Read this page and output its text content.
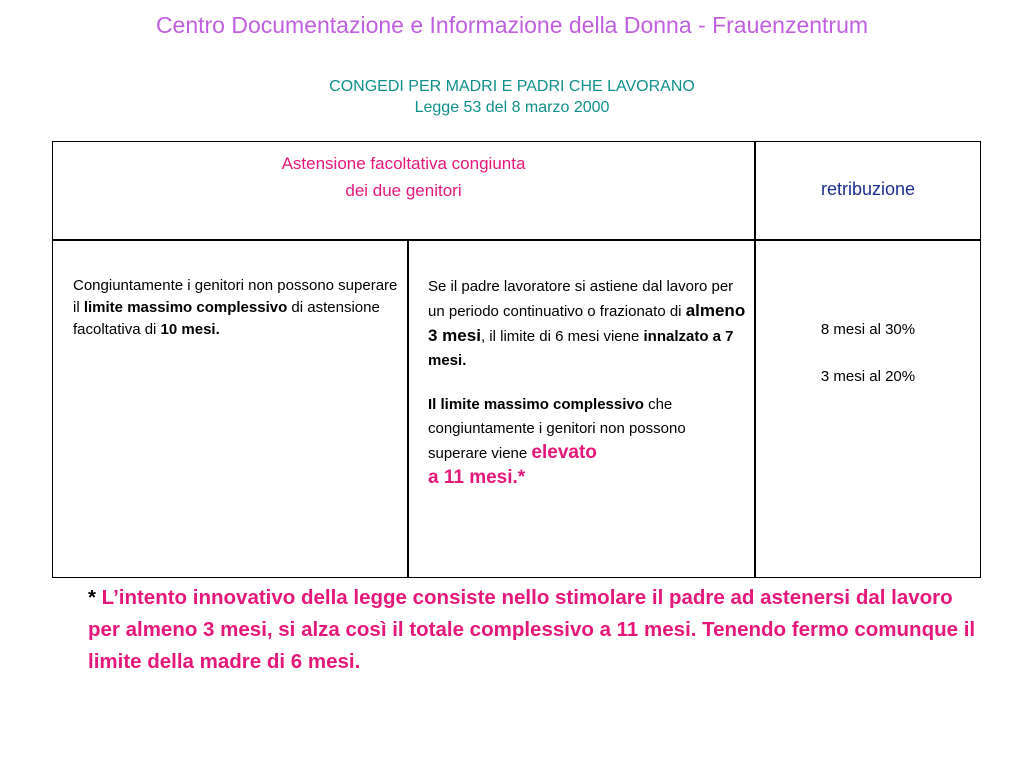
Centro Documentazione e Informazione della Donna - Frauenzentrum
CONGEDI PER MADRI E PADRI CHE LAVORANO
Legge 53 del 8 marzo 2000
Astensione facoltativa congiunta
dei due genitori	retribuzione
Congiuntamente i genitori non possono superare il limite massimo complessivo di astensione facoltativa di 10 mesi.
Se il padre lavoratore si astiene dal lavoro per un periodo continuativo o frazionato di almeno 3 mesi, il limite di 6 mesi viene innalzato a 7 mesi.
Il limite massimo complessivo che congiuntamente i genitori non possono superare viene elevato
a 11 mesi.*
8 mesi al 30%
3 mesi al 20%
* L’intento innovativo della legge consiste nello stimolare il padre ad astenersi dal lavoro per almeno 3 mesi, si alza così il totale complessivo a 11 mesi. Tenendo fermo comunque il limite della madre di 6 mesi.
